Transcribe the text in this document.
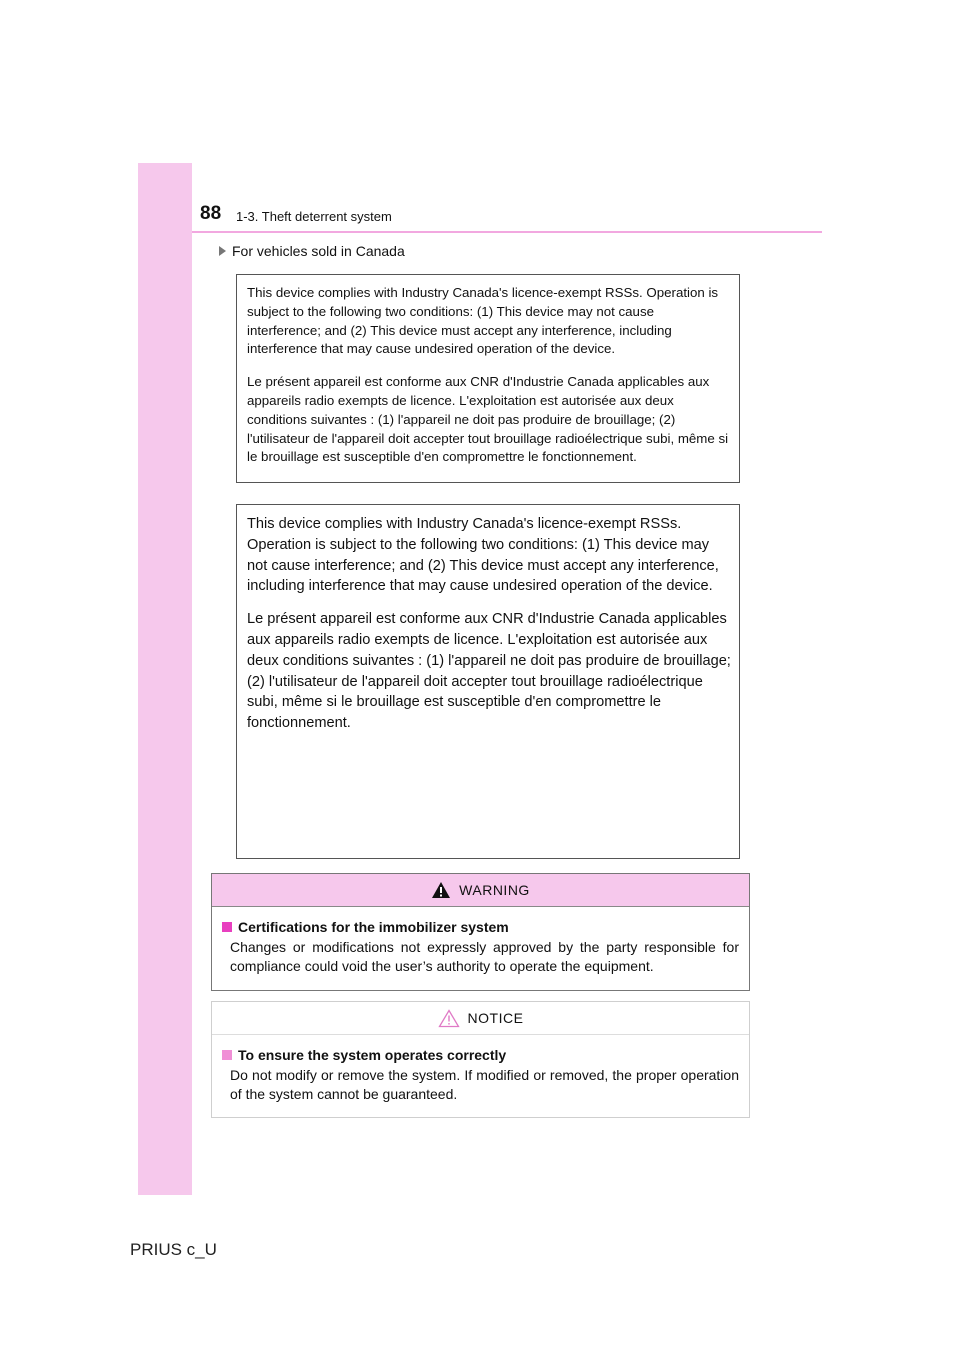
88 1-3. Theft deterrent system
For vehicles sold in Canada

This device complies with Industry Canada's licence-exempt RSSs. Operation is subject to the following two conditions: (1) This device may not cause interference; and (2) This device must accept any interference, including interference that may cause undesired operation of the device.

Le présent appareil est conforme aux CNR d'Industrie Canada applicables aux appareils radio exempts de licence. L'exploitation est autorisée aux deux conditions suivantes : (1) l'appareil ne doit pas produire de brouillage; (2) l'utilisateur de l'appareil doit accepter tout brouillage radioélectrique subi, même si le brouillage est susceptible d'en compromettre le fonctionnement.

This device complies with Industry Canada's licence-exempt RSSs. Operation is subject to the following two conditions: (1) This device may not cause interference; and (2) This device must accept any interference, including interference that may cause undesired operation of the device.

Le présent appareil est conforme aux CNR d'Industrie Canada applicables aux appareils radio exempts de licence. L'exploitation est autorisée aux deux conditions suivantes : (1) l'appareil ne doit pas produire de brouillage; (2) l'utilisateur de l'appareil doit accepter tout brouillage radioélectrique subi, même si le brouillage est susceptible d'en compromettre le fonctionnement.

WARNING
Certifications for the immobilizer system
Changes or modifications not expressly approved by the party responsible for compliance could void the user’s authority to operate the equipment.
NOTICE
To ensure the system operates correctly
Do not modify or remove the system. If modified or removed, the proper operation of the system cannot be guaranteed.
PRIUS c_U
